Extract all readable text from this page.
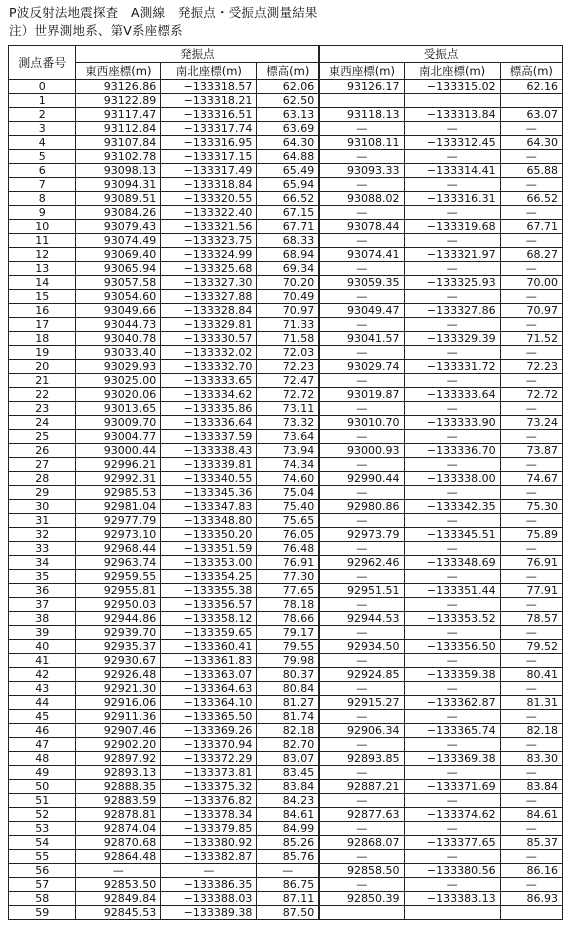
P波反射法地震探査　A測線　発振点・受振点測量結果
注）世界測地系、第Ⅴ系座標系
測点番号	発振点			受振点		
	東西座標(m)	南北座標(m)	標高(m)	東西座標(m)	南北座標(m)	標高(m)
0	93126.86	−133318.57	62.06	93126.17	−133315.02	62.16
1	93122.89	−133318.21	62.50			
2	93117.47	−133316.51	63.13	93118.13	−133313.84	63.07
3	93112.84	−133317.74	63.69	—	—	—
4	93107.84	−133316.95	64.30	93108.11	−133312.45	64.30
5	93102.78	−133317.15	64.88	—	—	—
6	93098.13	−133317.49	65.49	93093.33	−133314.41	65.88
7	93094.31	−133318.84	65.94	—	—	—
8	93089.51	−133320.55	66.52	93088.02	−133316.31	66.52
9	93084.26	−133322.40	67.15	—	—	—
10	93079.43	−133321.56	67.71	93078.44	−133319.68	67.71
11	93074.49	−133323.75	68.33	—	—	—
12	93069.40	−133324.99	68.94	93074.41	−133321.97	68.27
13	93065.94	−133325.68	69.34	—	—	—
14	93057.58	−133327.30	70.20	93059.35	−133325.93	70.00
15	93054.60	−133327.88	70.49	—	—	—
16	93049.66	−133328.84	70.97	93049.47	−133327.86	70.97
17	93044.73	−133329.81	71.33	—	—	—
18	93040.78	−133330.57	71.58	93041.57	−133329.39	71.52
19	93033.40	−133332.02	72.03	—	—	—
20	93029.93	−133332.70	72.23	93029.74	−133331.72	72.23
21	93025.00	−133333.65	72.47	—	—	—
22	93020.06	−133334.62	72.72	93019.87	−133333.64	72.72
23	93013.65	−133335.86	73.11	—	—	—
24	93009.70	−133336.64	73.32	93010.70	−133333.90	73.24
25	93004.77	−133337.59	73.64	—	—	—
26	93000.44	−133338.43	73.94	93000.93	−133336.70	73.87
27	92996.21	−133339.81	74.34	—	—	—
28	92992.31	−133340.55	74.60	92990.44	−133338.00	74.67
29	92985.53	−133345.36	75.04	—	—	—
30	92981.04	−133347.83	75.40	92980.86	−133342.35	75.30
31	92977.79	−133348.80	75.65	—	—	—
32	92973.10	−133350.20	76.05	92973.79	−133345.51	75.89
33	92968.44	−133351.59	76.48	—	—	—
34	92963.74	−133353.00	76.91	92962.46	−133348.69	76.91
35	92959.55	−133354.25	77.30	—	—	—
36	92955.81	−133355.38	77.65	92951.51	−133351.44	77.91
37	92950.03	−133356.57	78.18	—	—	—
38	92944.86	−133358.12	78.66	92944.53	−133353.52	78.57
39	92939.70	−133359.65	79.17	—	—	—
40	92935.37	−133360.41	79.55	92934.50	−133356.50	79.52
41	92930.67	−133361.83	79.98	—	—	—
42	92926.48	−133363.07	80.37	92924.85	−133359.38	80.41
43	92921.30	−133364.63	80.84	—	—	—
44	92916.06	−133364.10	81.27	92915.27	−133362.87	81.31
45	92911.36	−133365.50	81.74	—	—	—
46	92907.46	−133369.26	82.18	92906.34	−133365.74	82.18
47	92902.20	−133370.94	82.70	—	—	—
48	92897.92	−133372.29	83.07	92893.85	−133369.38	83.30
49	92893.13	−133373.81	83.45	—	—	—
50	92888.35	−133375.32	83.84	92887.21	−133371.69	83.84
51	92883.59	−133376.82	84.23	—	—	—
52	92878.81	−133378.34	84.61	92877.63	−133374.62	84.61
53	92874.04	−133379.85	84.99	—	—	—
54	92870.68	−133380.92	85.26	92868.07	−133377.65	85.37
55	92864.48	−133382.87	85.76	—	—	—
56	—	—	—	92858.50	−133380.56	86.16
57	92853.50	−133386.35	86.75	—	—	—
58	92849.84	−133388.03	87.11	92850.39	−133383.13	86.93
59	92845.53	−133389.38	87.50			
